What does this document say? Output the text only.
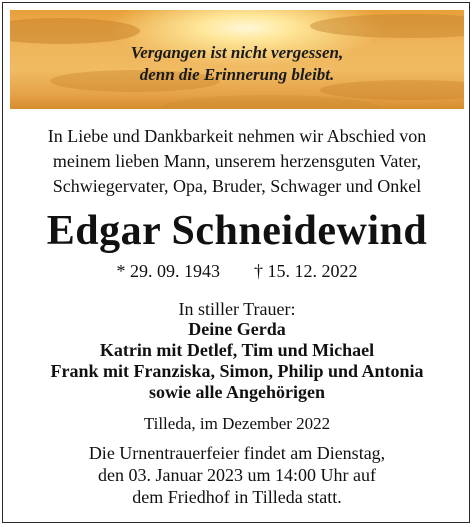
Vergangen ist nicht vergessen,
denn die Erinnerung bleibt.
In Liebe und Dankbarkeit nehmen wir Abschied von
meinem lieben Mann, unserem herzensguten Vater,
Schwiegervater, Opa, Bruder, Schwager und Onkel
Edgar Schneidewind
* 29. 09. 1943 † 15. 12. 2022
In stiller Trauer:
Deine Gerda
Katrin mit Detlef, Tim und Michael
Frank mit Franziska, Simon, Philip und Antonia
sowie alle Angehörigen
Tilleda, im Dezember 2022
Die Urnentrauerfeier findet am Dienstag,
den 03. Januar 2023 um 14:00 Uhr auf
dem Friedhof in Tilleda statt.
